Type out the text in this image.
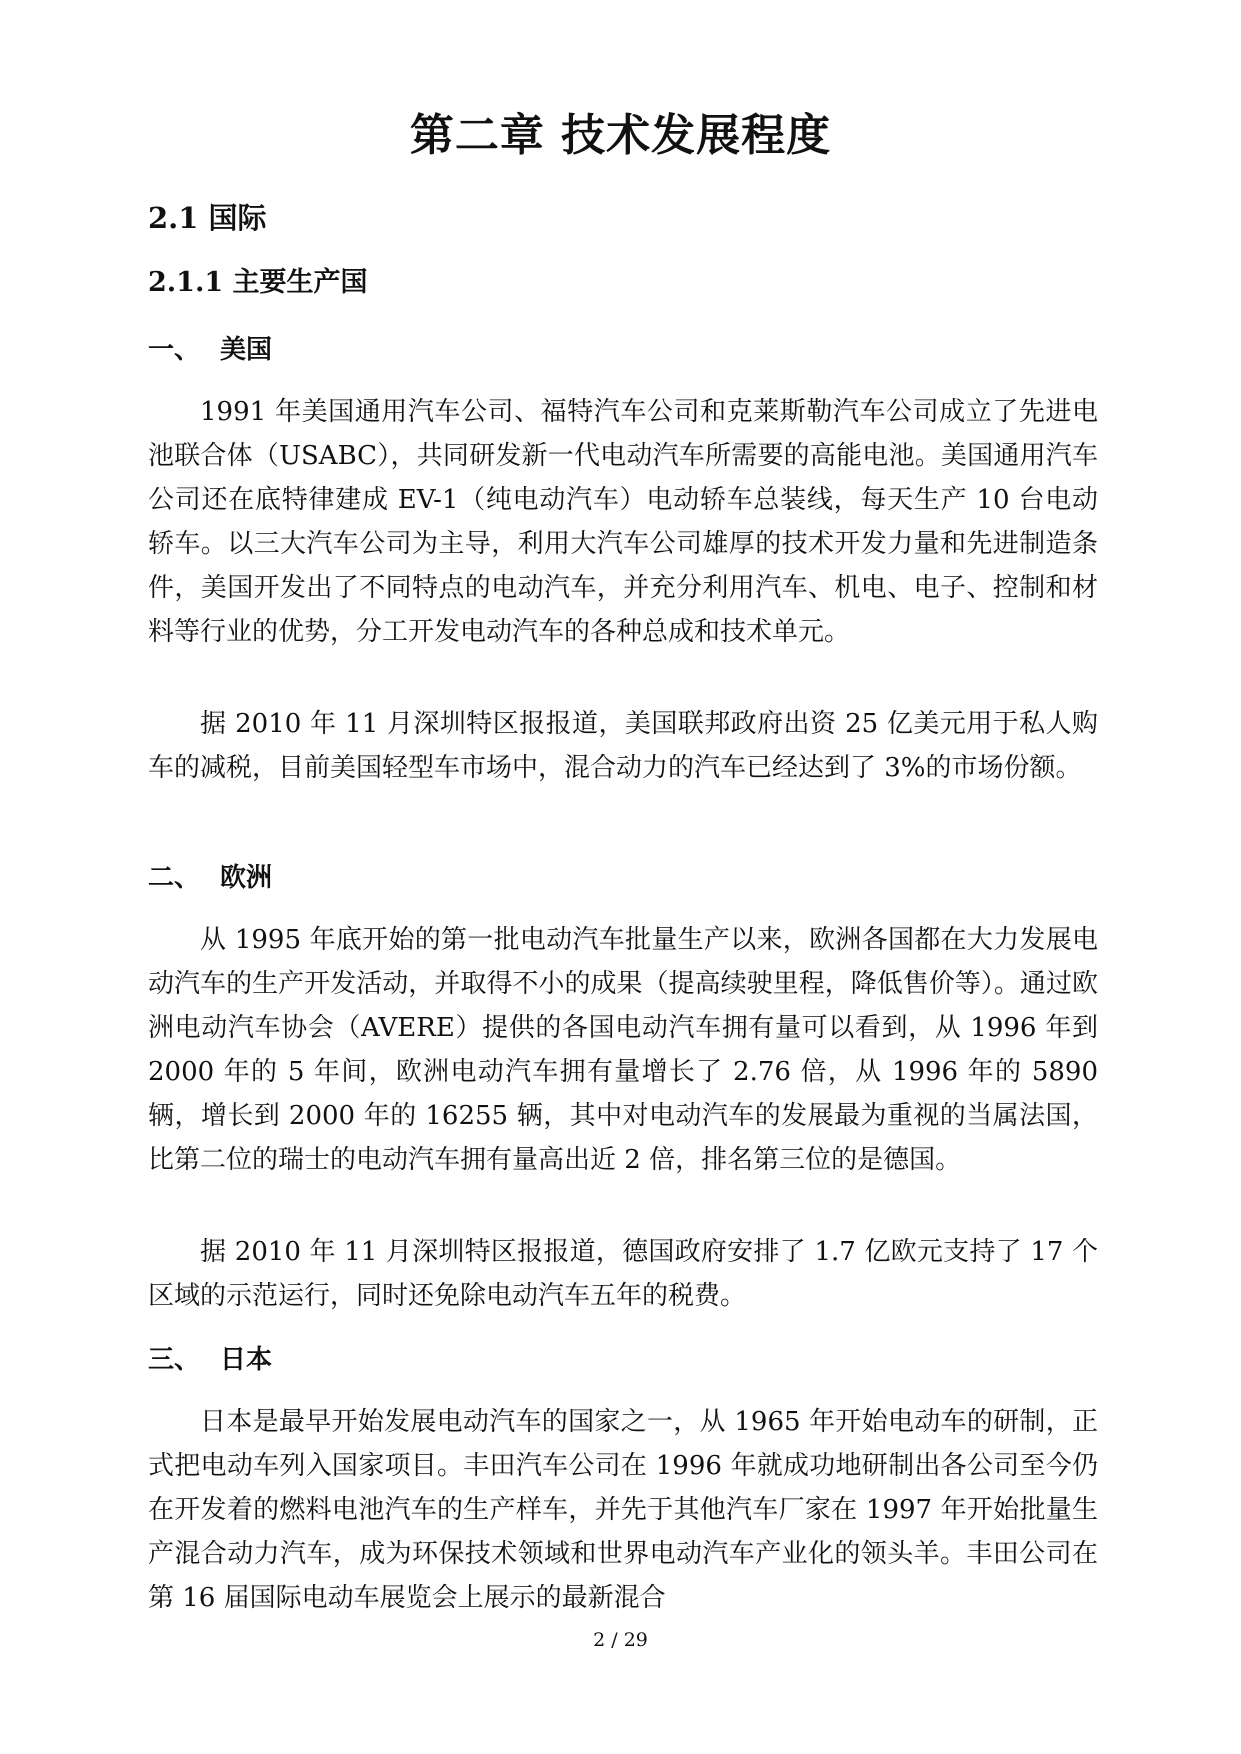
第二章 技术发展程度
2.1 国际
2.1.1 主要生产国
一、 美国

1991 年美国通用汽车公司、福特汽车公司和克莱斯勒汽车公司成立了先进电池联合体（USABC），共同研发新一代电动汽车所需要的高能电池。美国通用汽车公司还在底特律建成 EV-1（纯电动汽车）电动轿车总装线，每天生产 10 台电动轿车。以三大汽车公司为主导，利用大汽车公司雄厚的技术开发力量和先进制造条件，美国开发出了不同特点的电动汽车，并充分利用汽车、机电、电子、控制和材料等行业的优势，分工开发电动汽车的各种总成和技术单元。

据 2010 年 11 月深圳特区报报道，美国联邦政府出资 25 亿美元用于私人购车的减税，目前美国轻型车市场中，混合动力的汽车已经达到了 3%的市场份额。

二、 欧洲

从 1995 年底开始的第一批电动汽车批量生产以来，欧洲各国都在大力发展电动汽车的生产开发活动，并取得不小的成果（提高续驶里程，降低售价等）。通过欧洲电动汽车协会（AVERE）提供的各国电动汽车拥有量可以看到，从 1996 年到 2000 年的 5 年间，欧洲电动汽车拥有量增长了 2.76 倍，从 1996 年的 5890 辆，增长到 2000 年的 16255 辆，其中对电动汽车的发展最为重视的当属法国，比第二位的瑞士的电动汽车拥有量高出近 2 倍，排名第三位的是德国。

据 2010 年 11 月深圳特区报报道，德国政府安排了 1.7 亿欧元支持了 17 个区域的示范运行，同时还免除电动汽车五年的税费。

三、 日本

日本是最早开始发展电动汽车的国家之一，从 1965 年开始电动车的研制，正式把电动车列入国家项目。丰田汽车公司在 1996 年就成功地研制出各公司至今仍在开发着的燃料电池汽车的生产样车，并先于其他汽车厂家在 1997 年开始批量生产混合动力汽车，成为环保技术领域和世界电动汽车产业化的领头羊。丰田公司在第 16 届国际电动车展览会上展示的最新混合

2 / 29
